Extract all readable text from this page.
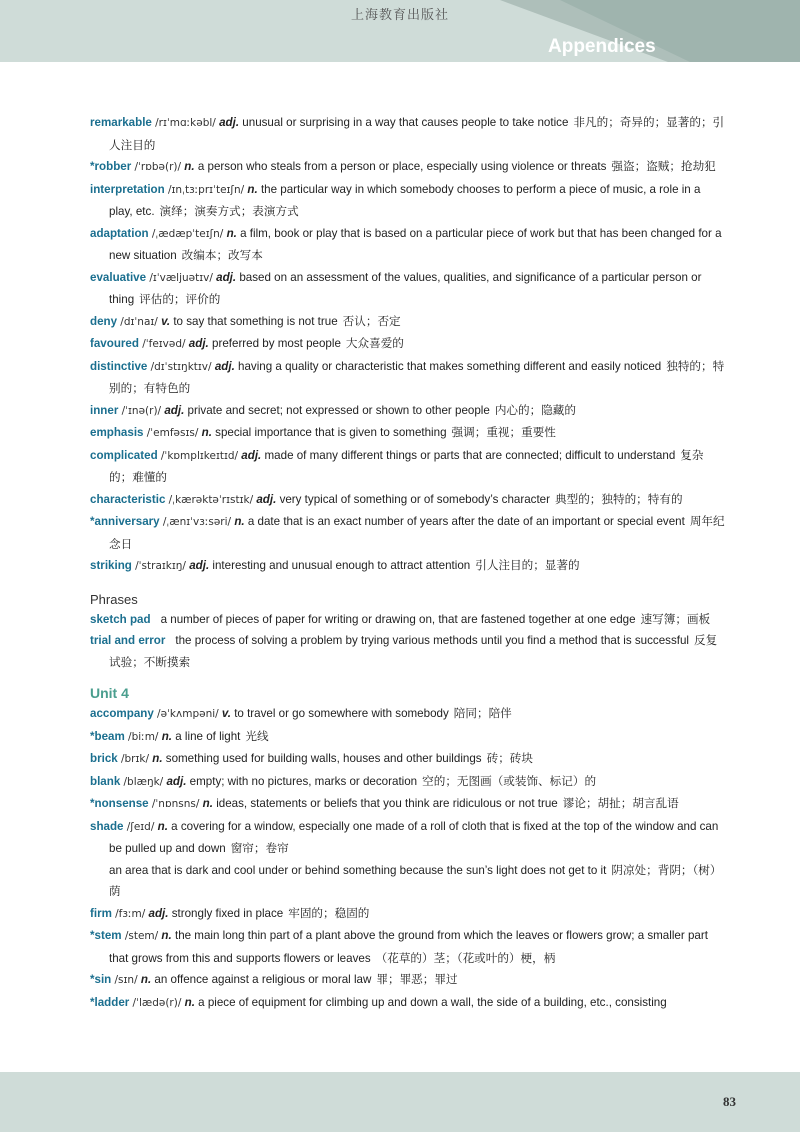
上海教育出版社
Appendices
remarkable /rɪˈmɑːkəbl/ adj. unusual or surprising in a way that causes people to take notice 非凡的；奇异的；显著的；引人注目的
*robber /ˈrɒbə(r)/ n. a person who steals from a person or place, especially using violence or threats 强盗；盗贼；抢劫犯
interpretation /ɪnˌtɜːprɪˈteɪʃn/ n. the particular way in which somebody chooses to perform a piece of music, a role in a play, etc. 演绎；演奏方式；表演方式
adaptation /ˌædæpˈteɪʃn/ n. a film, book or play that is based on a particular piece of work but that has been changed for a new situation 改编本；改写本
evaluative /ɪˈvæljuətɪv/ adj. based on an assessment of the values, qualities, and significance of a particular person or thing 评估的；评价的
deny /dɪˈnaɪ/ v. to say that something is not true 否认；否定
favoured /ˈfeɪvəd/ adj. preferred by most people 大众喜爱的
distinctive /dɪˈstɪŋktɪv/ adj. having a quality or characteristic that makes something different and easily noticed 独特的；特别的；有特色的
inner /ˈɪnə(r)/ adj. private and secret; not expressed or shown to other people 内心的；隐藏的
emphasis /ˈemfəsɪs/ n. special importance that is given to something 强调；重视；重要性
complicated /ˈkɒmplɪkeɪtɪd/ adj. made of many different things or parts that are connected; difficult to understand 复杂的；难懂的
characteristic /ˌkærəktəˈrɪstɪk/ adj. very typical of something or of somebody’s character 典型的；独特的；特有的
*anniversary /ˌænɪˈvɜːsəri/ n. a date that is an exact number of years after the date of an important or special event 周年纪念日
striking /ˈstraɪkɪŋ/ adj. interesting and unusual enough to attract attention 引人注目的；显著的
Phrases
sketch pad a number of pieces of paper for writing or drawing on, that are fastened together at one edge 速写簿；画板
trial and error the process of solving a problem by trying various methods until you find a method that is successful 反复试验；不断摸索
Unit 4
accompany /əˈkʌmpəni/ v. to travel or go somewhere with somebody 陪同；陪伴
*beam /biːm/ n. a line of light 光线
brick /brɪk/ n. something used for building walls, houses and other buildings 砖；砖块
blank /blæŋk/ adj. empty; with no pictures, marks or decoration 空的；无图画（或装饰、标记）的
*nonsense /ˈnɒnsns/ n. ideas, statements or beliefs that you think are ridiculous or not true 谬论；胡扯；胡言乱语
shade /ʃeɪd/ n. a covering for a window, especially one made of a roll of cloth that is fixed at the top of the window and can be pulled up and down 窗帘；卷帘
an area that is dark and cool under or behind something because the sun’s light does not get to it 阴凉处；背阴；（树）荫
firm /fɜːm/ adj. strongly fixed in place 牢固的；稳固的
*stem /stem/ n. the main long thin part of a plant above the ground from which the leaves or flowers grow; a smaller part that grows from this and supports flowers or leaves （花草的）茎；（花或叶的）梗，柄
*sin /sɪn/ n. an offence against a religious or moral law 罪；罪恶；罪过
*ladder /ˈlædə(r)/ n. a piece of equipment for climbing up and down a wall, the side of a building, etc., consisting
83
